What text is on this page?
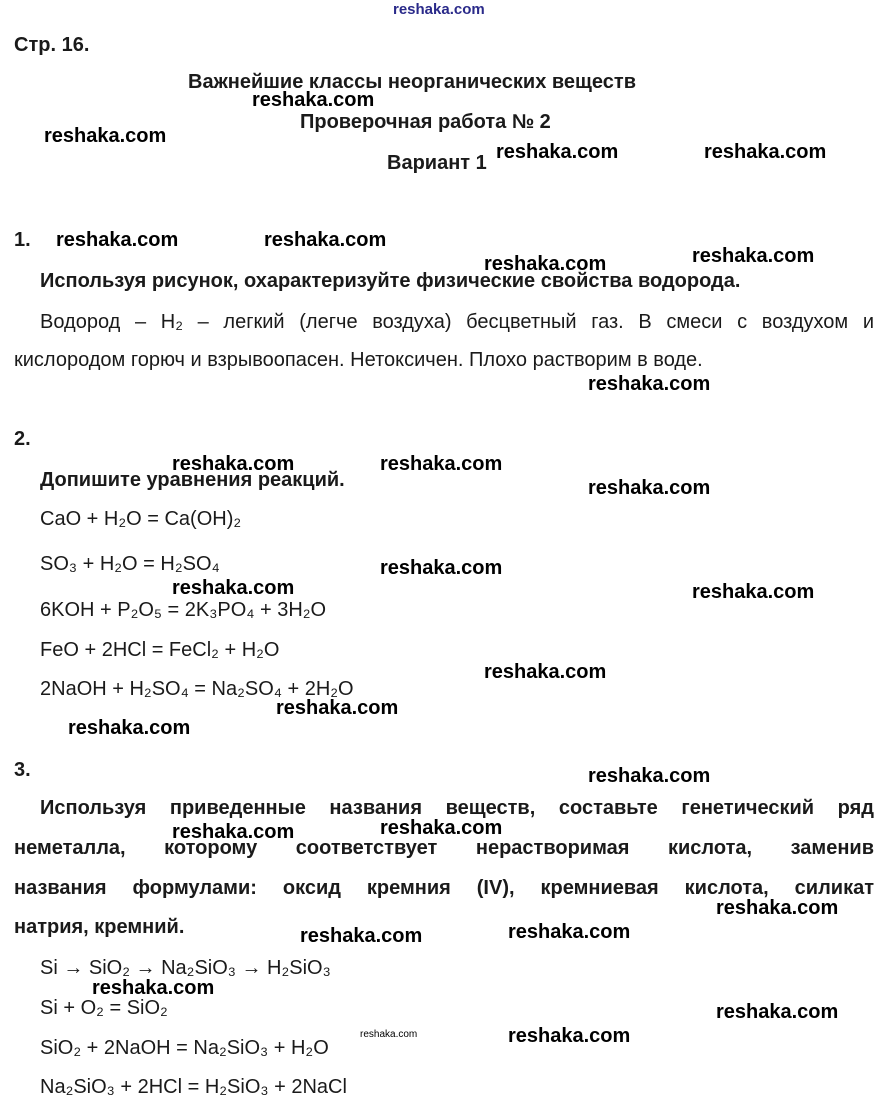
reshaka.com
Стр. 16.
Важнейшие классы неорганических веществ
Проверочная работа № 2
Вариант 1
1.
Используя рисунок, охарактеризуйте физические свойства водорода.
Водород – H₂ – легкий (легче воздуха) бесцветный газ. В смеси с воздухом и
кислородом горюч и взрывоопасен. Нетоксичен. Плохо растворим в воде.
2.
Допишите уравнения реакций.
CaO + H₂O = Ca(OH)₂
SO₃ + H₂O = H₂SO₄
6KOH + P₂O₅ = 2K₃PO₄ + 3H₂O
FeO + 2HCl = FeCl₂ + H₂O
2NaOH + H₂SO₄ = Na₂SO₄ + 2H₂O
3.
Используя приведенные названия веществ, составьте генетический ряд
неметалла, которому соответствует нерастворимая кислота, заменив
названия формулами: оксид кремния (IV), кремниевая кислота, силикат
натрия, кремний.
Si → SiO₂ → Na₂SiO₃ → H₂SiO₃
Si + O₂ = SiO₂
SiO₂ + 2NaOH = Na₂SiO₃ + H₂O
Na₂SiO₃ + 2HCl = H₂SiO₃ + 2NaCl
reshaka.com
reshaka.com
reshaka.com	reshaka.com
reshaka.com	reshaka.com
reshaka.com	reshaka.com
reshaka.com
reshaka.com	reshaka.com
reshaka.com
reshaka.com
reshaka.com	reshaka.com
reshaka.com
reshaka.com
reshaka.com
reshaka.com
reshaka.com
reshaka.com
reshaka.com
reshaka.com
reshaka.com
reshaka.com
reshaka.com
reshaka.com
reshaka.com
